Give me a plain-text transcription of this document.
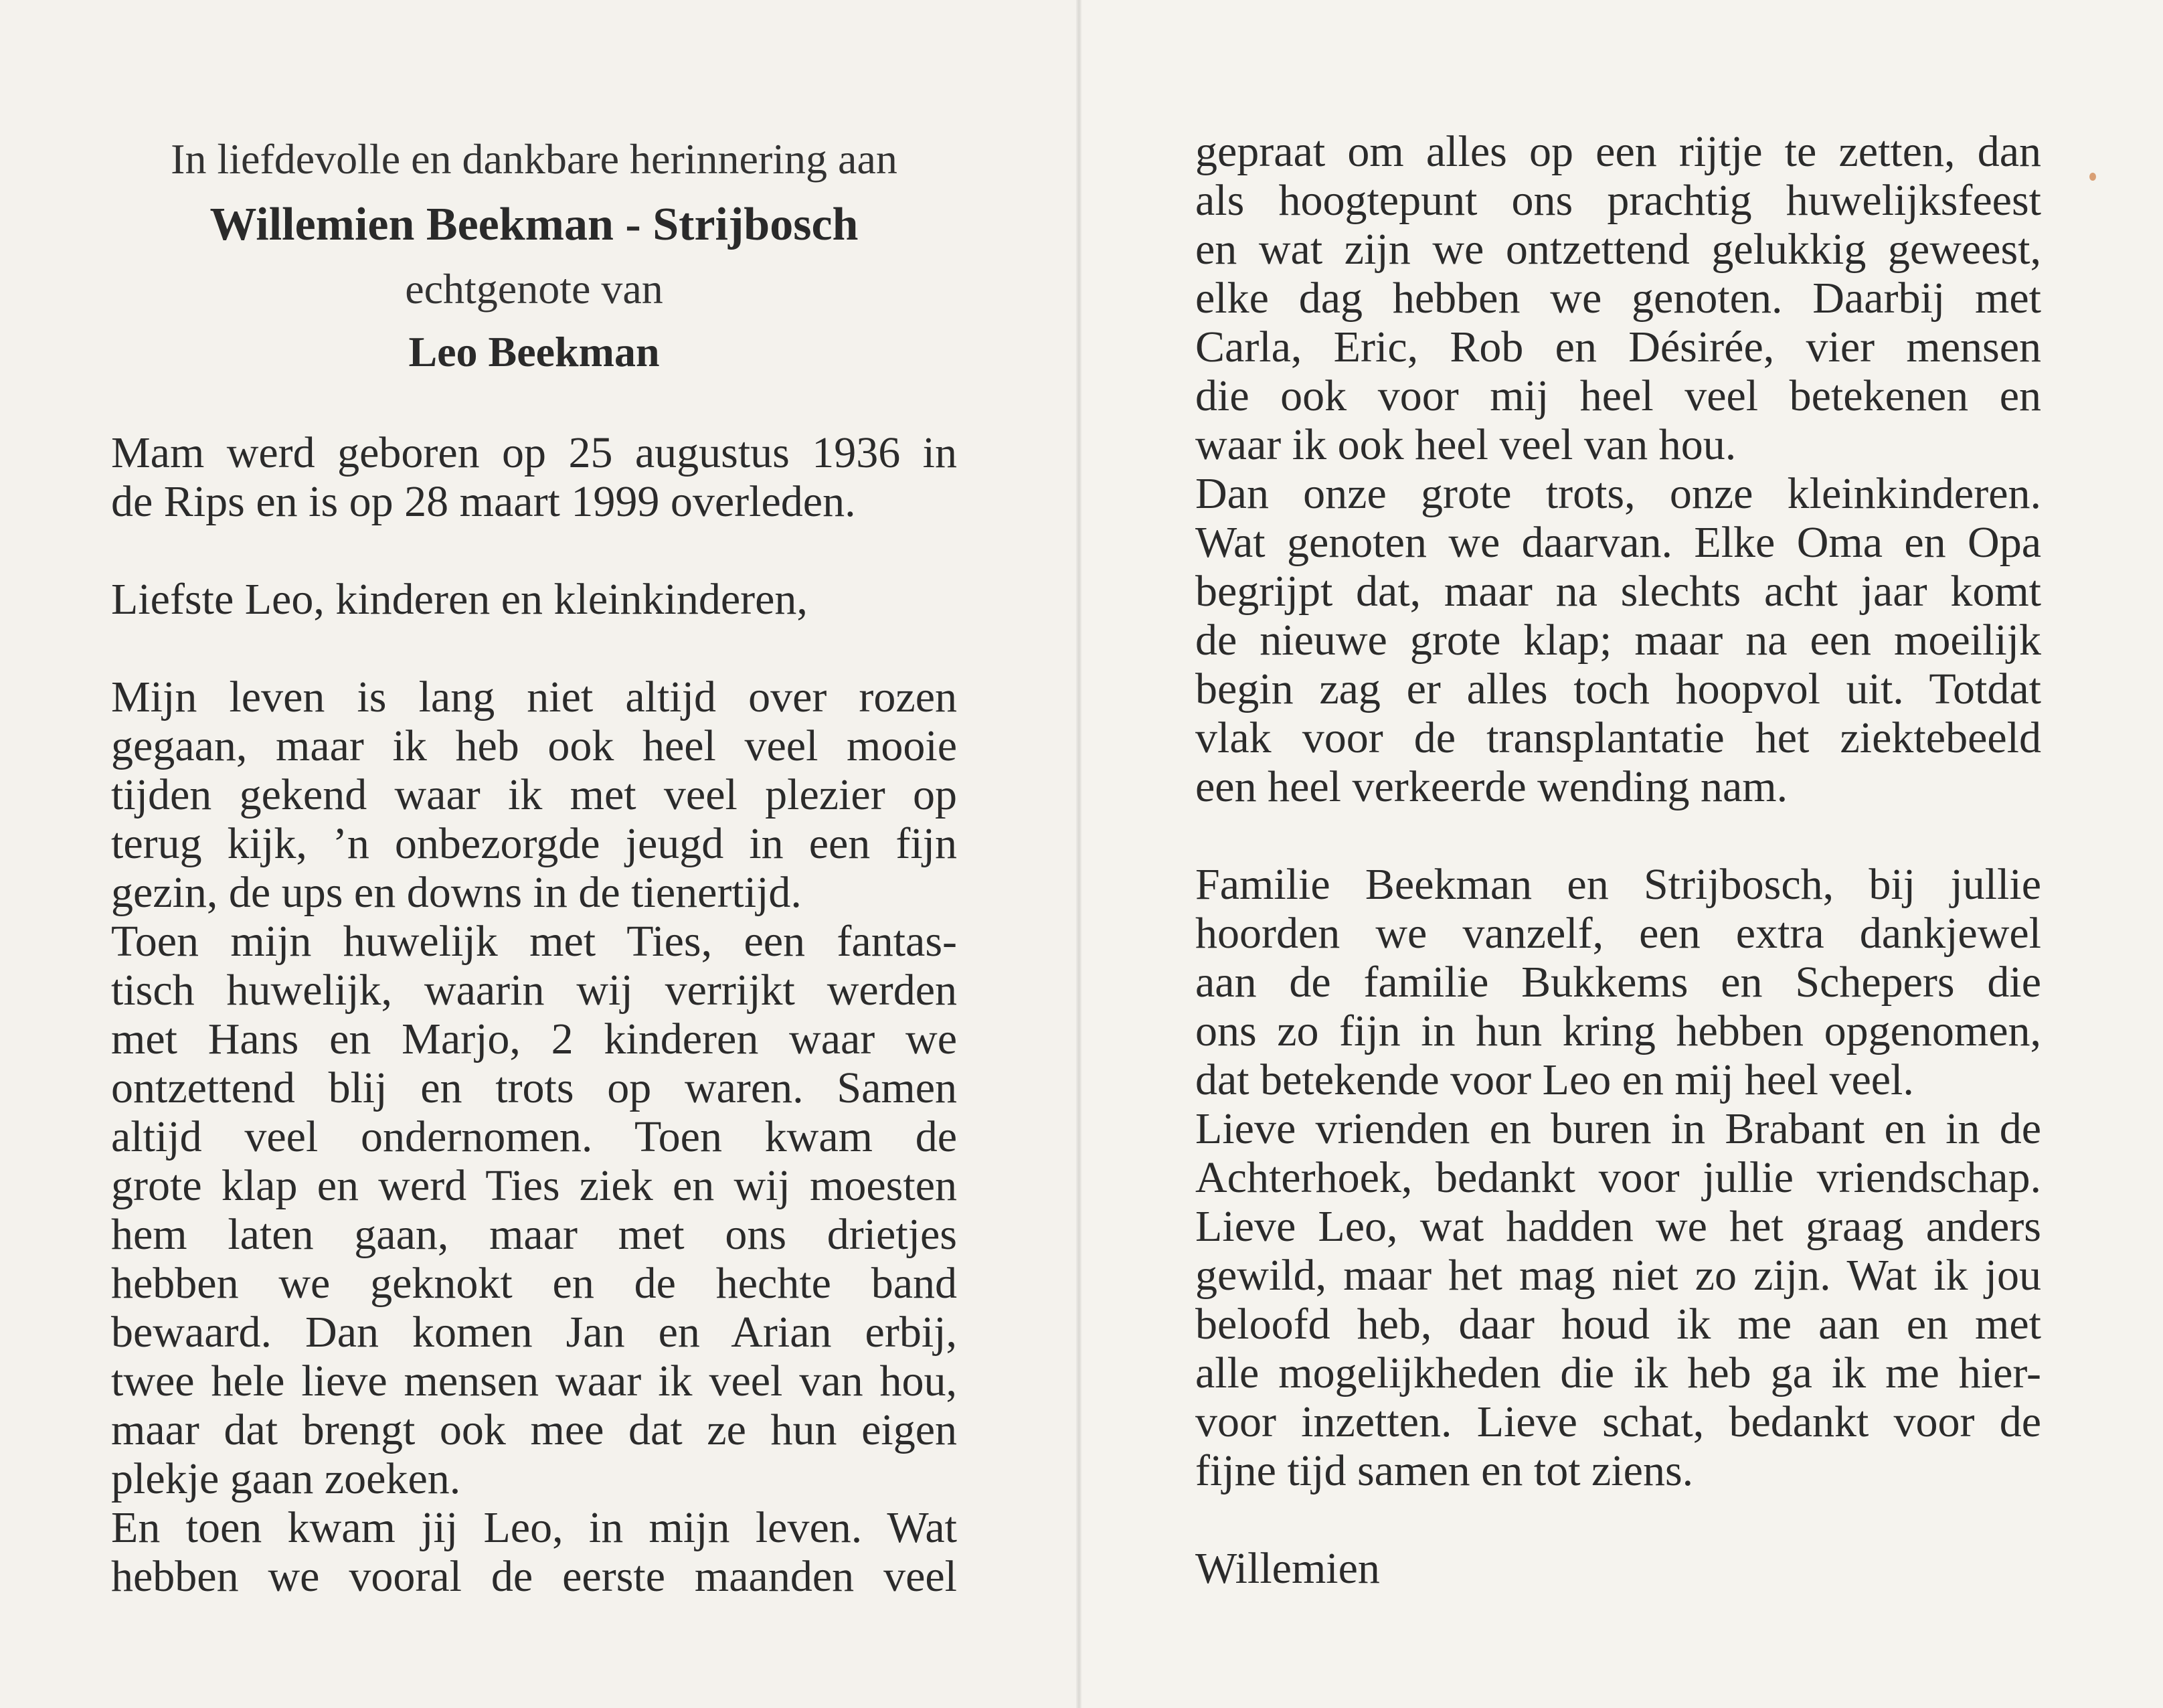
In liefdevolle en dankbare herinnering aan
Willemien Beekman - Strijbosch
echtgenote van
Leo Beekman
Mam werd geboren op 25 augustus 1936 in
de Rips en is op 28 maart 1999 overleden.
Liefste Leo, kinderen en kleinkinderen,
Mijn leven is lang niet altijd over rozen
gegaan, maar ik heb ook heel veel mooie
tijden gekend waar ik met veel plezier op
terug kijk, ’n onbezorgde jeugd in een fijn
gezin, de ups en downs in de tienertijd.
Toen mijn huwelijk met Ties, een fantas-
tisch huwelijk, waarin wij verrijkt werden
met Hans en Marjo, 2 kinderen waar we
ontzettend blij en trots op waren. Samen
altijd veel ondernomen. Toen kwam de
grote klap en werd Ties ziek en wij moesten
hem laten gaan, maar met ons drietjes
hebben we geknokt en de hechte band
bewaard. Dan komen Jan en Arian erbij,
twee hele lieve mensen waar ik veel van hou,
maar dat brengt ook mee dat ze hun eigen
plekje gaan zoeken.
En toen kwam jij Leo, in mijn leven. Wat
hebben we vooral de eerste maanden veel
gepraat om alles op een rijtje te zetten, dan
als hoogtepunt ons prachtig huwelijksfeest
en wat zijn we ontzettend gelukkig geweest,
elke dag hebben we genoten. Daarbij met
Carla, Eric, Rob en Désirée, vier mensen
die ook voor mij heel veel betekenen en
waar ik ook heel veel van hou.
Dan onze grote trots, onze kleinkinderen.
Wat genoten we daarvan. Elke Oma en Opa
begrijpt dat, maar na slechts acht jaar komt
de nieuwe grote klap; maar na een moeilijk
begin zag er alles toch hoopvol uit. Totdat
vlak voor de transplantatie het ziektebeeld
een heel verkeerde wending nam.
Familie Beekman en Strijbosch, bij jullie
hoorden we vanzelf, een extra dankjewel
aan de familie Bukkems en Schepers die
ons zo fijn in hun kring hebben opgenomen,
dat betekende voor Leo en mij heel veel.
Lieve vrienden en buren in Brabant en in de
Achterhoek, bedankt voor jullie vriendschap.
Lieve Leo, wat hadden we het graag anders
gewild, maar het mag niet zo zijn. Wat ik jou
beloofd heb, daar houd ik me aan en met
alle mogelijkheden die ik heb ga ik me hier-
voor inzetten. Lieve schat, bedankt voor de
fijne tijd samen en tot ziens.
Willemien
